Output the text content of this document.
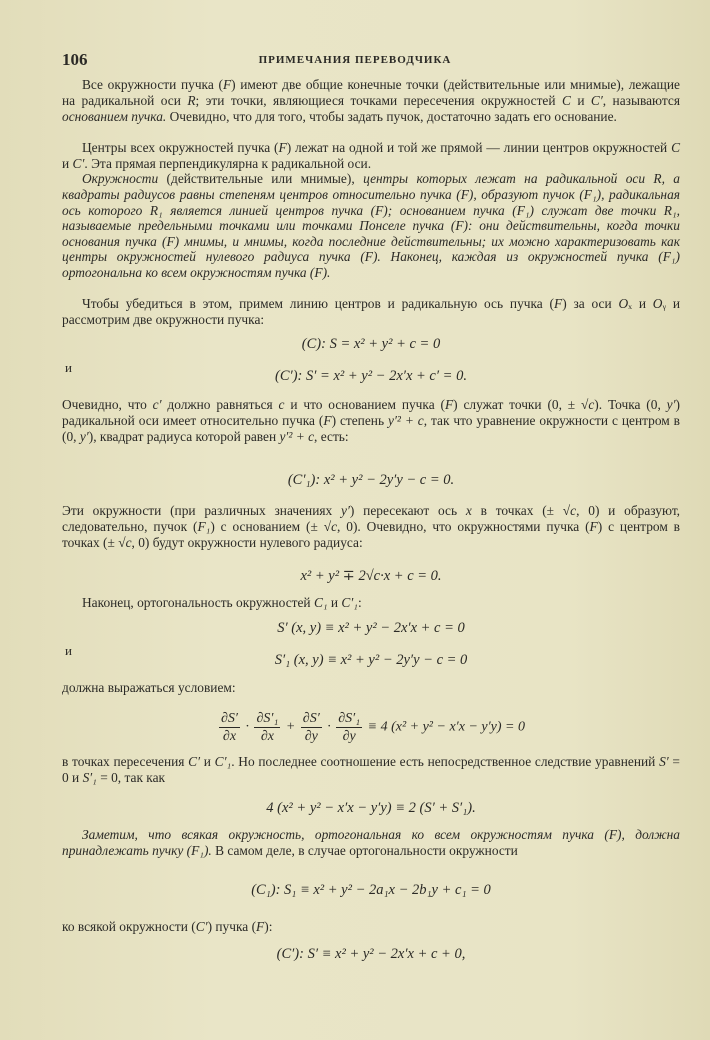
106	ПРИМЕЧАНИЯ ПЕРЕВОДЧИКА

Все окружности пучка (F) имеют две общие конечные точки (действительные или мнимые), лежащие на радикальной оси R; эти точки, являющиеся точками пересечения окружностей C и C′, называются основанием пучка. Очевидно, что для того, чтобы задать пучок, достаточно задать его основание.

Центры всех окружностей пучка (F) лежат на одной и той же прямой — линии центров окружностей C и C′. Эта прямая перпендикулярна к радикальной оси.

Окружности (действительные или мнимые), центры которых лежат на радикальной оси R, а квадраты радиусов равны степеням центров относительно пучка (F), образуют пучок (F₁), радикальная ось которого R₁ является линией центров пучка (F); основанием пучка (F₁) служат две точки R₁, называемые предельными точками или точками Понселе пучка (F): они действительны, когда точки основания пучка (F) мнимы, и мнимы, когда последние действительны; их можно характеризовать как центры окружностей нулевого радиуса пучка (F). Наконец, каждая из окружностей пучка (F₁) ортогональна ко всем окружностям пучка (F).

Чтобы убедиться в этом, примем линию центров и радикальную ось пучка (F) за оси Oₓ и Oᵧ и рассмотрим две окружности пучка:

(C): S = x² + y² + c = 0
и
(C′): S′ = x² + y² − 2x′x + c′ = 0.

Очевидно, что c′ должно равняться c и что основанием пучка (F) служат точки (0, ± √c). Точка (0, y′) радикальной оси имеет относительно пучка (F) степень y′² + c, так что уравнение окружности с центром в (0, y′), квадрат радиуса которой равен y′² + c, есть:

(C′₁): x² + y² − 2y′y − c = 0.

Эти окружности (при различных значениях y′) пересекают ось x в точках (± √c, 0) и образуют, следовательно, пучок (F₁) с основанием (± √c, 0). Очевидно, что окружностями пучка (F) с центром в точках (± √c, 0) будут окружности нулевого радиуса:

x² + y² ∓ 2√c·x + c = 0.

Наконец, ортогональность окружностей C₁ и C′₁:

S′ (x, y) ≡ x² + y² − 2x′x + c = 0
и
S′₁ (x, y) ≡ x² + y² − 2y′y − c = 0

должна выражаться условием:

$\frac{\partial S'}{\partial x} \cdot \frac{\text{∂S′₁}}{\partial x} + \frac{\partial S'}{\partial y} \cdot \frac{\text{∂S′₁}}{\partial y} \equiv 4$ (x² + y² − x′x − y′y) = 0

в точках пересечения C′ и C′₁. Но последнее соотношение есть непосредственное следствие уравнений S′ = 0 и S′₁ = 0, так как

4 (x² + y² − x′x − y′y) ≡ 2 (S′ + S′₁).

Заметим, что всякая окружность, ортогональная ко всем окружностям пучка (F), должна принадлежать пучку (F₁). В самом деле, в случае ортогональности окружности

(C₁): S₁ ≡ x² + y² − 2a₁x − 2b₁y + c₁ = 0

ко всякой окружности (C′) пучка (F):

(C′): S′ ≡ x² + y² − 2x′x + c + 0,
